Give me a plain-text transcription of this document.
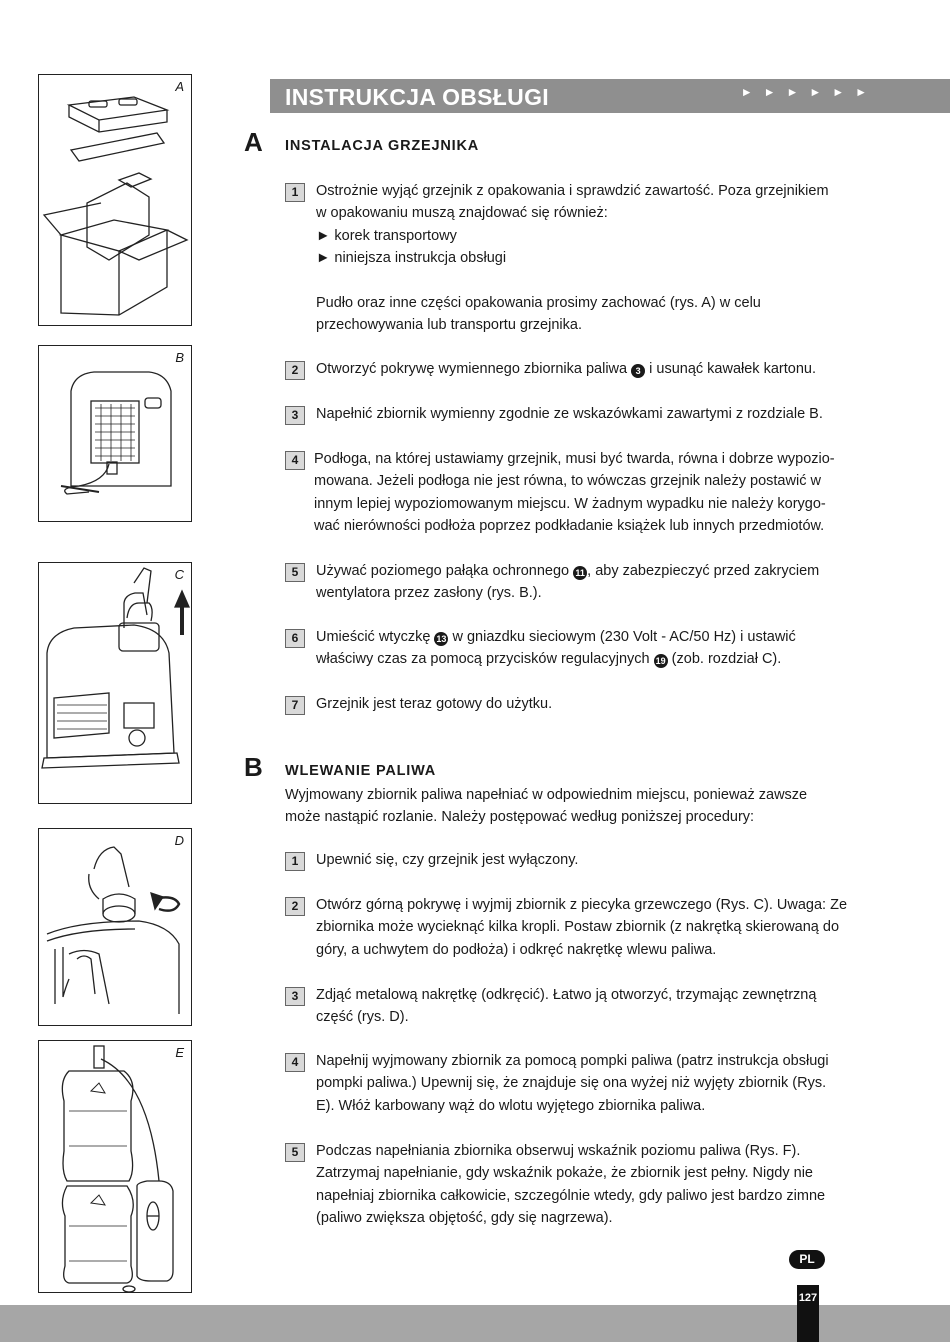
A
B
C
D
E
INSTRUKCJA OBSŁUGI	►►►►►►
A INSTALACJA GRZEJNIKA
1	Ostrożnie wyjąć grzejnik z opakowania i sprawdzić zawartość. Poza grzejnikiem
w opakowaniu muszą znajdować się również:
► korek transportowy
► niniejsza instrukcja obsługi

Pudło oraz inne części opakowania prosimy zachować (rys. A) w celu
przechowywania lub transportu grzejnika.
2	Otworzyć pokrywę wymiennego zbiornika paliwa 3 i usunąć kawałek kartonu.
3	Napełnić zbiornik wymienny zgodnie ze wskazówkami zawartymi z rozdziale B.
4	Podłoga, na której ustawiamy grzejnik, musi być twarda, równa i dobrze wypozio-
mowana. Jeżeli podłoga nie jest równa, to wówczas grzejnik należy postawić w
innym lepiej wypoziomowanym miejscu. W żadnym wypadku nie należy korygo-
wać nierówności podłoża poprzez podkładanie książek lub innych przedmiotów.
5	Używać poziomego pałąka ochronnego 11 , aby zabezpieczyć przed zakryciem
wentylatora przez zasłony (rys. B.).
6	Umieścić wtyczkę 13 w gniazdku sieciowym (230 Volt - AC/50 Hz) i ustawić
właściwy czas za pomocą przycisków regulacyjnych 19 (zob. rozdział C).
7	Grzejnik jest teraz gotowy do użytku.
B WLEWANIE PALIWA
Wyjmowany zbiornik paliwa napełniać w odpowiednim miejscu, ponieważ zawsze
może nastąpić rozlanie. Należy postępować według poniższej procedury:
1	Upewnić się, czy grzejnik jest wyłączony.
2	Otwórz górną pokrywę i wyjmij zbiornik z piecyka grzewczego (Rys. C). Uwaga: Ze
zbiornika może wycieknąć kilka kropli. Postaw zbiornik (z nakrętką skierowaną do
góry, a uchwytem do podłoża) i odkręć nakrętkę wlewu paliwa.
3	Zdjąć metalową nakrętkę (odkręcić). Łatwo ją otworzyć, trzymając zewnętrzną
część (rys. D).
4	Napełnij wyjmowany zbiornik za pomocą pompki paliwa (patrz instrukcja obsługi
pompki paliwa.) Upewnij się, że znajduje się ona wyżej niż wyjęty zbiornik (Rys.
E). Włóż karbowany wąż do wlotu wyjętego zbiornika paliwa.
5	Podczas napełniania zbiornika obserwuj wskaźnik poziomu paliwa (Rys. F).
Zatrzymaj napełnianie, gdy wskaźnik pokaże, że zbiornik jest pełny. Nigdy nie
napełniaj zbiornika całkowicie, szczególnie wtedy, gdy paliwo jest bardzo zimne
(paliwo zwiększa objętość, gdy się nagrzewa).
PL
127
